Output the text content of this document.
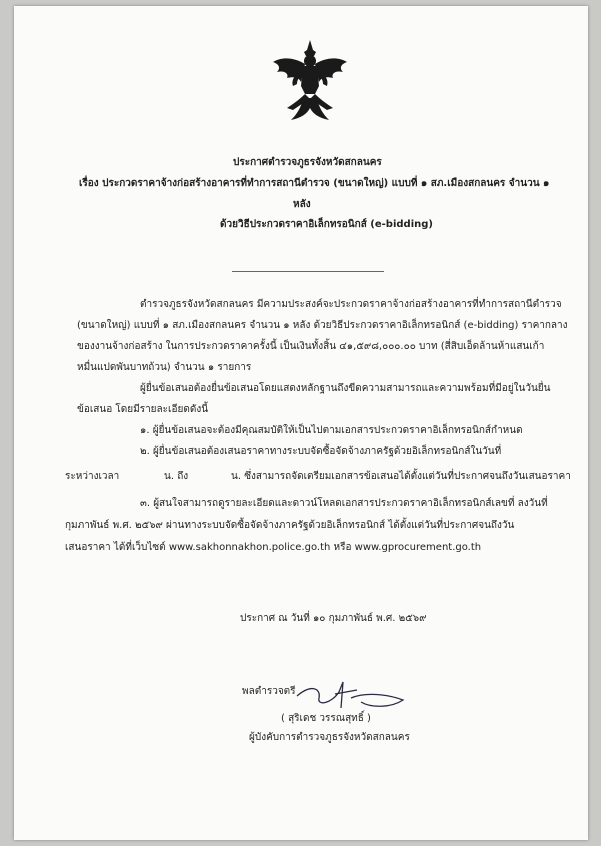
ประกาศตำรวจภูธรจังหวัดสกลนคร
เรื่อง ประกวดราคาจ้างก่อสร้างอาคารที่ทำการสถานีตำรวจ (ขนาดใหญ่) แบบที่ ๑ สภ.เมืองสกลนคร จำนวน ๑
หลัง
ด้วยวิธีประกวดราคาอิเล็กทรอนิกส์ (e-bidding)
ตำรวจภูธรจังหวัดสกลนคร มีความประสงค์จะประกวดราคาจ้างก่อสร้างอาคารที่ทำการสถานีตำรวจ
(ขนาดใหญ่) แบบที่ ๑ สภ.เมืองสกลนคร จำนวน ๑ หลัง ด้วยวิธีประกวดราคาอิเล็กทรอนิกส์ (e-bidding) ราคากลาง
ของงานจ้างก่อสร้าง ในการประกวดราคาครั้งนี้ เป็นเงินทั้งสิ้น ๔๑,๕๙๘,๐๐๐.๐๐ บาท (สี่สิบเอ็ดล้านห้าแสนเก้า
หมื่นแปดพันบาทถ้วน) จำนวน ๑ รายการ
ผู้ยื่นข้อเสนอต้องยื่นข้อเสนอโดยแสดงหลักฐานถึงขีดความสามารถและความพร้อมที่มีอยู่ในวันยื่น
ข้อเสนอ โดยมีรายละเอียดดังนี้
๑. ผู้ยื่นข้อเสนอจะต้องมีคุณสมบัติให้เป็นไปตามเอกสารประกวดราคาอิเล็กทรอนิกส์กำหนด
๒. ผู้ยื่นข้อเสนอต้องเสนอราคาทางระบบจัดซื้อจัดจ้างภาครัฐด้วยอิเล็กทรอนิกส์ในวันที่
ระหว่างเวลา	น. ถึง	น. ซึ่งสามารถจัดเตรียมเอกสารข้อเสนอได้ตั้งแต่วันที่ประกาศจนถึงวันเสนอราคา
๓. ผู้สนใจสามารถดูรายละเอียดและดาวน์โหลดเอกสารประกวดราคาอิเล็กทรอนิกส์เลขที่ ลงวันที่
กุมภาพันธ์ พ.ศ. ๒๕๖๙ ผ่านทางระบบจัดซื้อจัดจ้างภาครัฐด้วยอิเล็กทรอนิกส์ ได้ตั้งแต่วันที่ประกาศจนถึงวัน
เสนอราคา ได้ที่เว็บไซต์ www.sakhonnakhon.police.go.th หรือ www.gprocurement.go.th
ประกาศ ณ วันที่ ๑๐ กุมภาพันธ์ พ.ศ. ๒๕๖๙
พลตำรวจตรี
( สุริเดช วรรณสุทธิ์ )
ผู้บังคับการตำรวจภูธรจังหวัดสกลนคร
